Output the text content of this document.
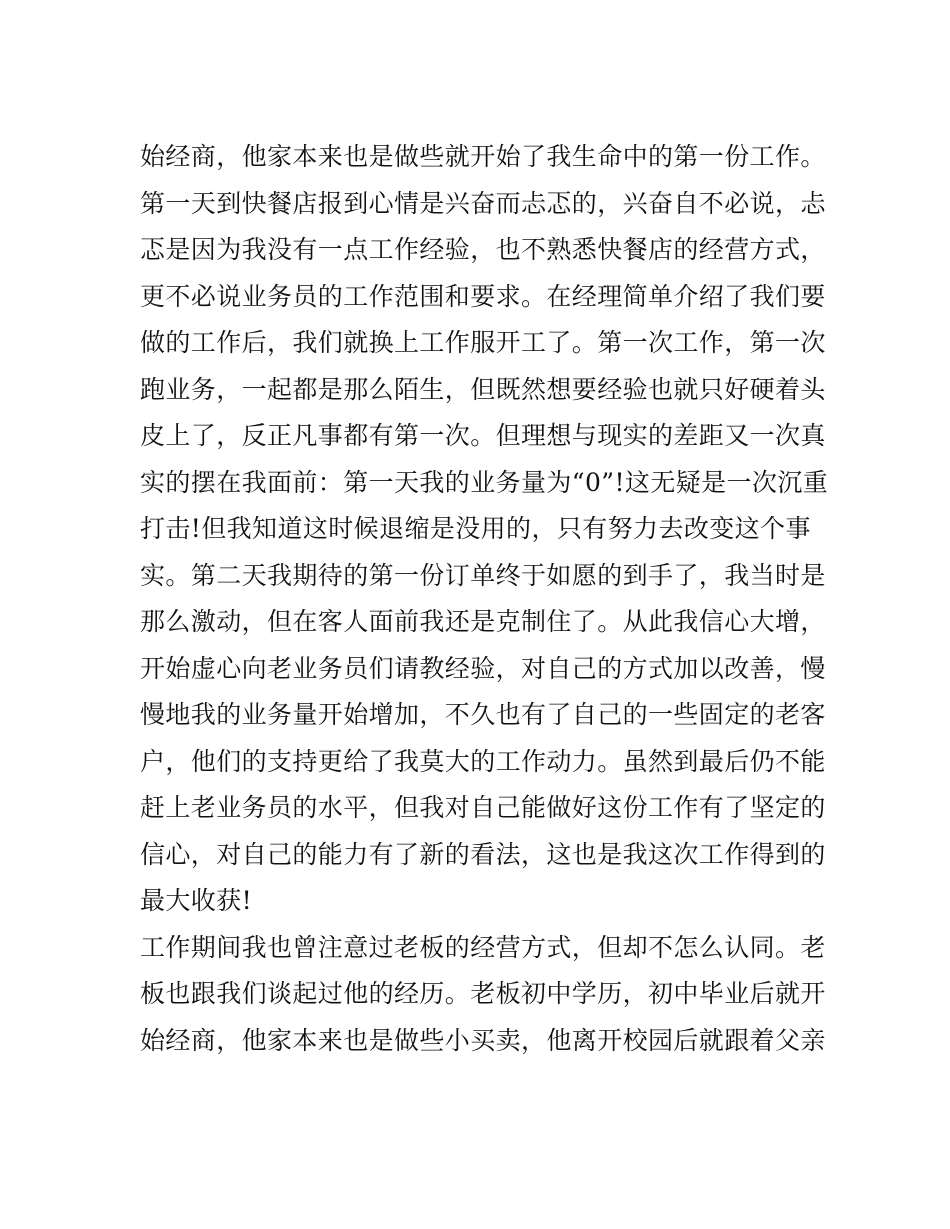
始经商，他家本来也是做些就开始了我生命中的第一份工作。
第一天到快餐店报到心情是兴奋而忐忑的，兴奋自不必说，忐
忑是因为我没有一点工作经验，也不熟悉快餐店的经营方式，
更不必说业务员的工作范围和要求。在经理简单介绍了我们要
做的工作后，我们就换上工作服开工了。第一次工作，第一次
跑业务，一起都是那么陌生，但既然想要经验也就只好硬着头
皮上了，反正凡事都有第一次。但理想与现实的差距又一次真
实的摆在我面前：第一天我的业务量为“0”!这无疑是一次沉重
打击!但我知道这时候退缩是没用的，只有努力去改变这个事
实。第二天我期待的第一份订单终于如愿的到手了，我当时是
那么激动，但在客人面前我还是克制住了。从此我信心大增，
开始虚心向老业务员们请教经验，对自己的方式加以改善，慢
慢地我的业务量开始增加，不久也有了自己的一些固定的老客
户，他们的支持更给了我莫大的工作动力。虽然到最后仍不能
赶上老业务员的水平，但我对自己能做好这份工作有了坚定的
信心，对自己的能力有了新的看法，这也是我这次工作得到的
最大收获!
工作期间我也曾注意过老板的经营方式，但却不怎么认同。老
板也跟我们谈起过他的经历。老板初中学历，初中毕业后就开
始经商，他家本来也是做些小买卖，他离开校园后就跟着父亲
